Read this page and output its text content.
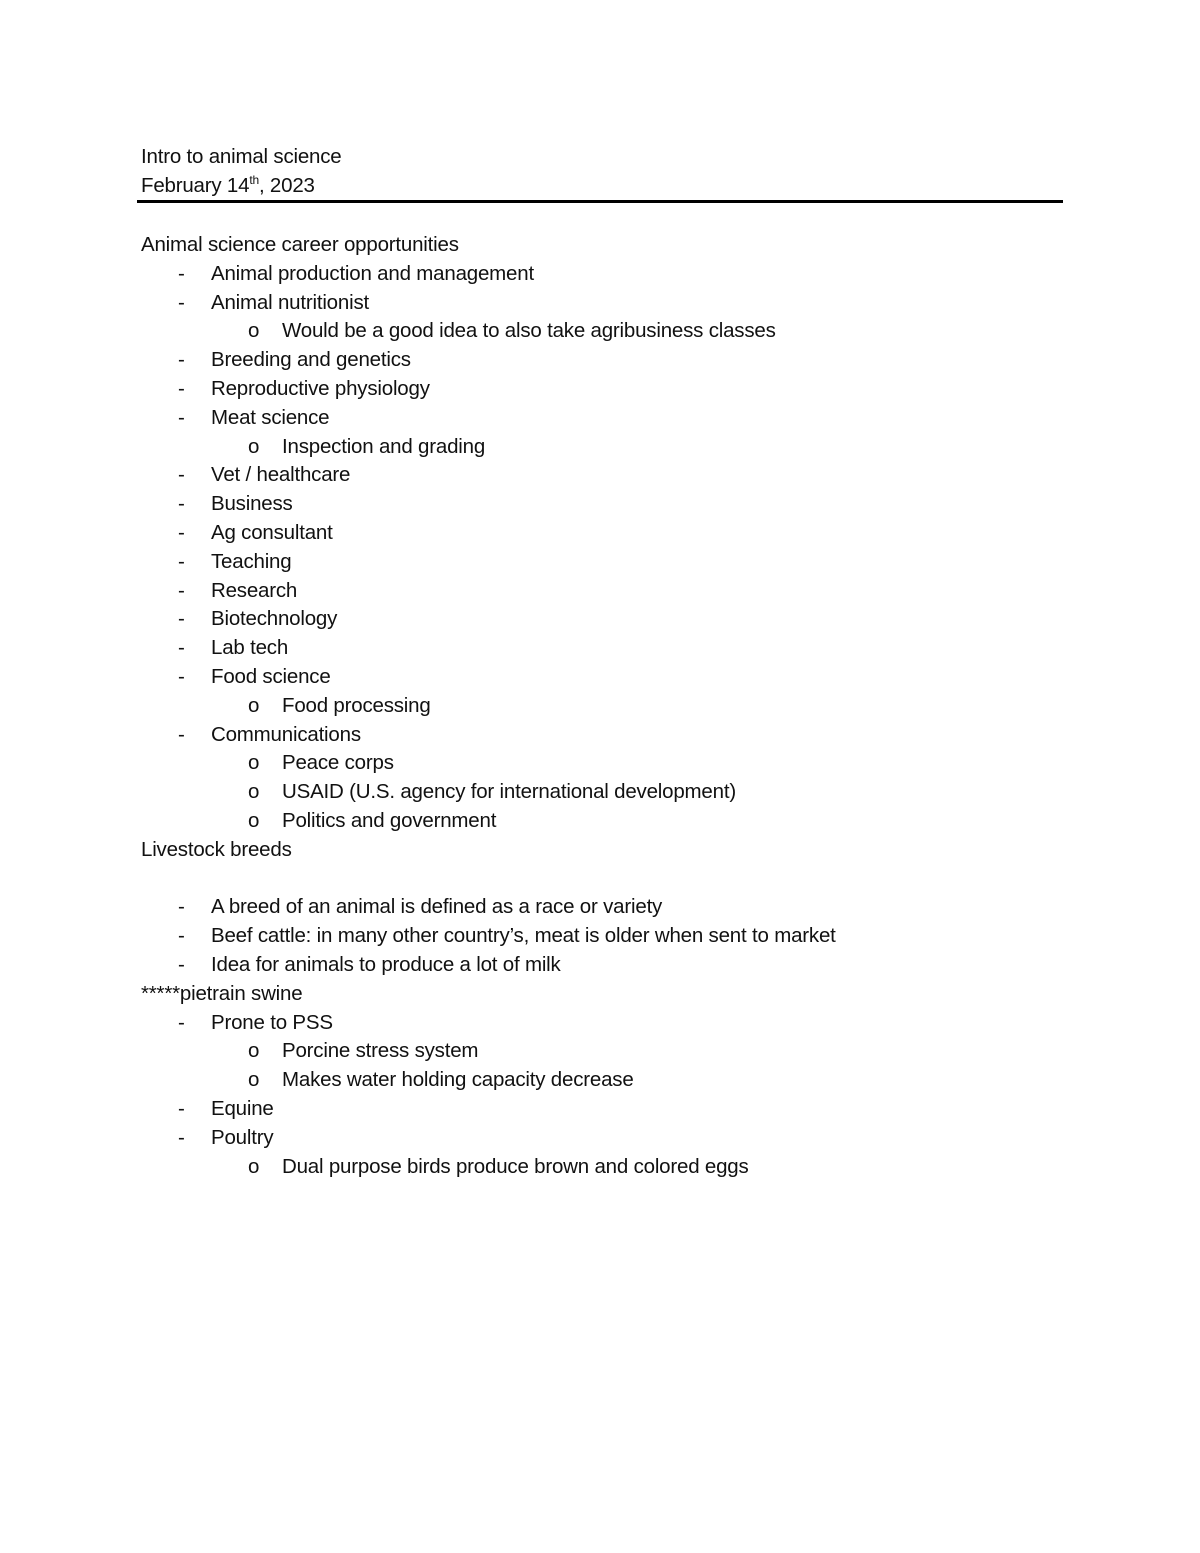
Intro to animal science
February 14th, 2023
Animal science career opportunities
- Animal production and management
- Animal nutritionist
o Would be a good idea to also take agribusiness classes
- Breeding and genetics
- Reproductive physiology
- Meat science
o Inspection and grading
- Vet / healthcare
- Business
- Ag consultant
- Teaching
- Research
- Biotechnology
- Lab tech
- Food science
o Food processing
- Communications
o Peace corps
o USAID (U.S. agency for international development)
o Politics and government
Livestock breeds
- A breed of an animal is defined as a race or variety
- Beef cattle: in many other country’s, meat is older when sent to market
- Idea for animals to produce a lot of milk
*****pietrain swine
- Prone to PSS
o Porcine stress system
o Makes water holding capacity decrease
- Equine
- Poultry
o Dual purpose birds produce brown and colored eggs
